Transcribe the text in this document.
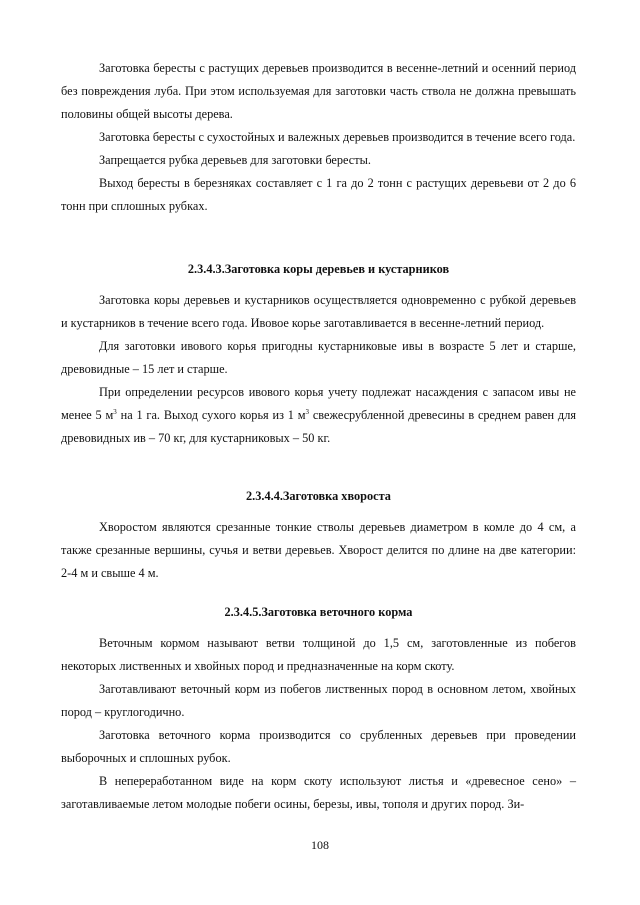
Заготовка бересты с растущих деревьев производится в весенне-летний и осенний период без повреждения луба. При этом используемая для заготовки часть ствола не должна превышать половины общей высоты дерева.

Заготовка бересты с сухостойных и валежных деревьев производится в течение всего года.

Запрещается рубка деревьев для заготовки бересты.

Выход бересты в березняках составляет с 1 га до 2 тонн с растущих деревьеви от 2 до 6 тонн при сплошных рубках.

2.3.4.3.Заготовка коры деревьев и кустарников

Заготовка коры деревьев и кустарников осуществляется одновременно с рубкой деревьев и кустарников в течение всего года. Ивовое корье заготавливается в весенне-летний период.

Для заготовки ивового корья пригодны кустарниковые ивы в возрасте 5 лет и старше, древовидные – 15 лет и старше.

При определении ресурсов ивового корья учету подлежат насаждения с запасом ивы не менее 5 $м^3$ на 1 га. Выход сухого корья из 1 $м^3$ свежесрубленной древесины в среднем равен для древовидных ив – 70 кг, для кустарниковых – 50 кг.

2.3.4.4.Заготовка хвороста

Хворостом являются срезанные тонкие стволы деревьев диаметром в комле до 4 см, а также срезанные вершины, сучья и ветви деревьев. Хворост делится по длине на две категории: 2-4 м и свыше 4 м.

2.3.4.5.Заготовка веточного корма

Веточным кормом называют ветви толщиной до 1,5 см, заготовленные из побегов некоторых лиственных и хвойных пород и предназначенные на корм скоту.

Заготавливают веточный корм из побегов лиственных пород в основном летом, хвойных пород – круглогодично.

Заготовка веточного корма производится со срубленных деревьев при проведении выборочных и сплошных рубок.

В непереработанном виде на корм скоту используют листья и «древесное сено» – заготавливаемые летом молодые побеги осины, березы, ивы, тополя и других пород. Зи-

108
